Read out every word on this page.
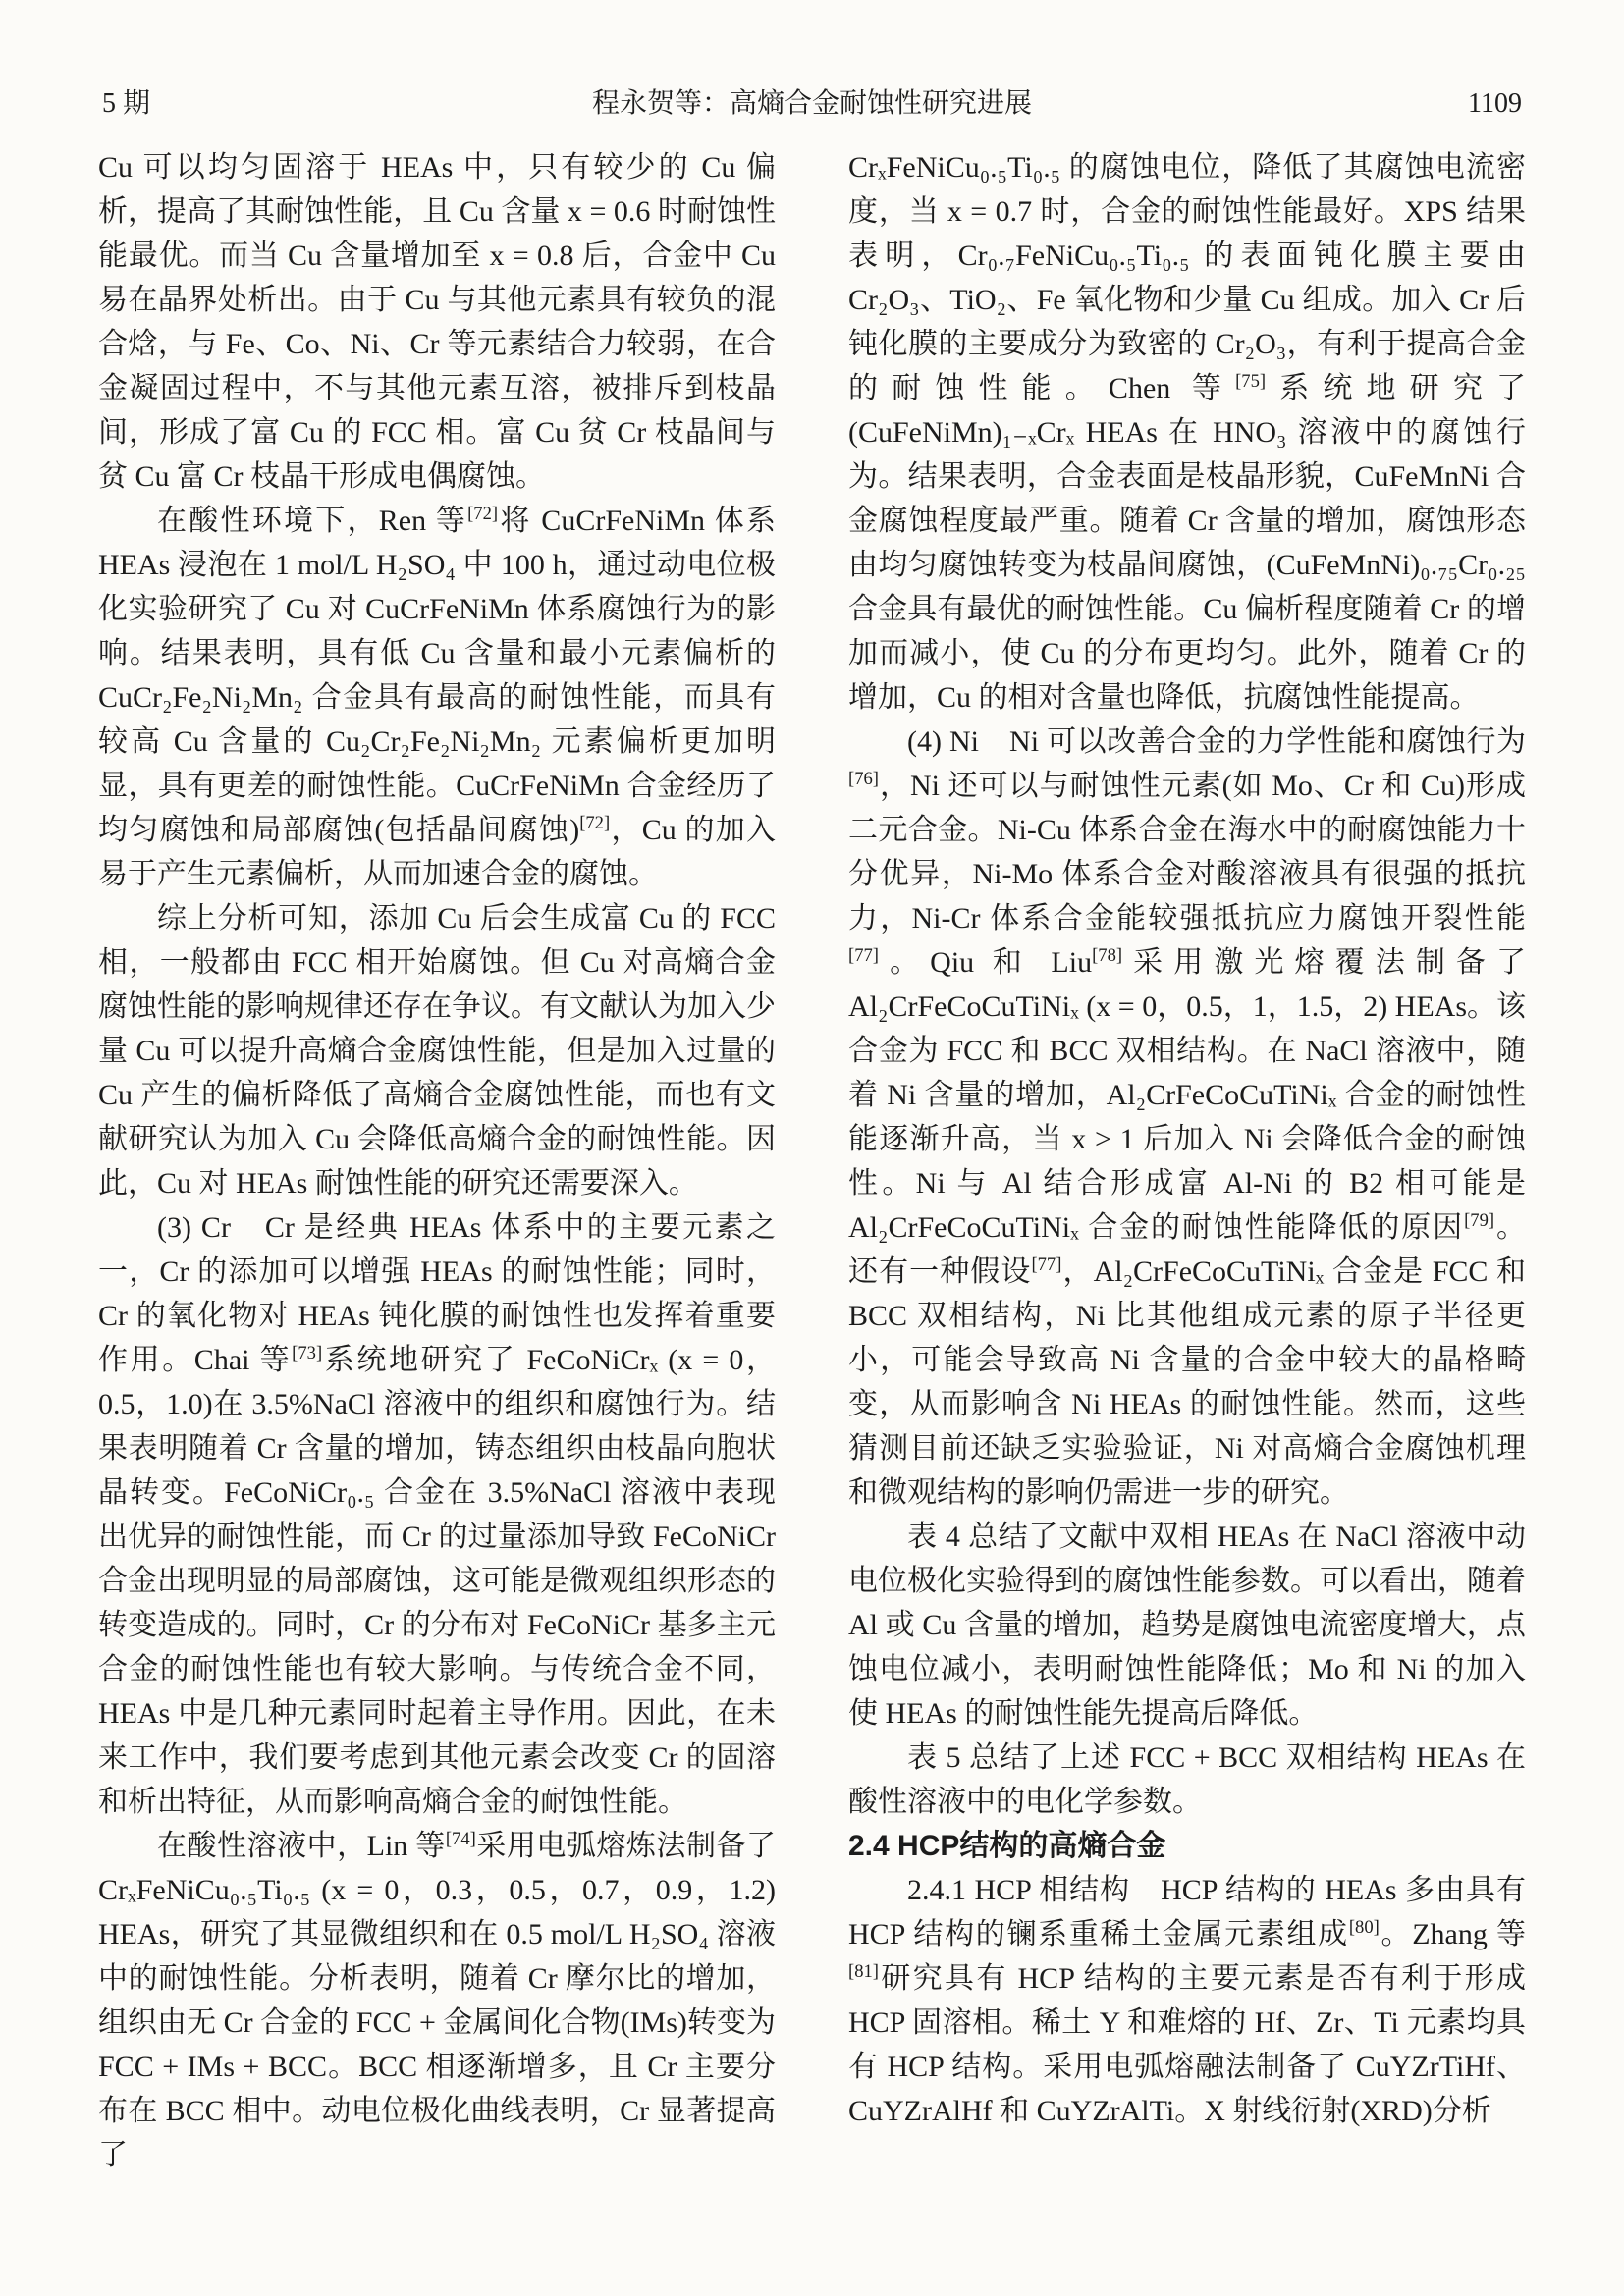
5 期	程永贺等：高熵合金耐蚀性研究进展	1109

Cu 可以均匀固溶于 HEAs 中，只有较少的 Cu 偏析，提高了其耐蚀性能，且 Cu 含量 x = 0.6 时耐蚀性能最优。而当 Cu 含量增加至 x = 0.8 后，合金中 Cu 易在晶界处析出。由于 Cu 与其他元素具有较负的混合焓，与 Fe、Co、Ni、Cr 等元素结合力较弱，在合金凝固过程中，不与其他元素互溶，被排斥到枝晶间，形成了富 Cu 的 FCC 相。富 Cu 贫 Cr 枝晶间与贫 Cu 富 Cr 枝晶干形成电偶腐蚀。

在酸性环境下，Ren 等[72]将 CuCrFeNiMn 体系 HEAs 浸泡在 1 mol/L H₂SO₄ 中 100 h，通过动电位极化实验研究了 Cu 对 CuCrFeNiMn 体系腐蚀行为的影响。结果表明，具有低 Cu 含量和最小元素偏析的 CuCr₂Fe₂Ni₂Mn₂ 合金具有最高的耐蚀性能，而具有较高 Cu 含量的 Cu₂Cr₂Fe₂Ni₂Mn₂ 元素偏析更加明显，具有更差的耐蚀性能。CuCrFeNiMn 合金经历了均匀腐蚀和局部腐蚀(包括晶间腐蚀)[72]，Cu 的加入易于产生元素偏析，从而加速合金的腐蚀。

综上分析可知，添加 Cu 后会生成富 Cu 的 FCC 相，一般都由 FCC 相开始腐蚀。但 Cu 对高熵合金腐蚀性能的影响规律还存在争议。有文献认为加入少量 Cu 可以提升高熵合金腐蚀性能，但是加入过量的 Cu 产生的偏析降低了高熵合金腐蚀性能，而也有文献研究认为加入 Cu 会降低高熵合金的耐蚀性能。因此，Cu 对 HEAs 耐蚀性能的研究还需要深入。

(3) Cr　Cr 是经典 HEAs 体系中的主要元素之一，Cr 的添加可以增强 HEAs 的耐蚀性能；同时，Cr 的氧化物对 HEAs 钝化膜的耐蚀性也发挥着重要作用。Chai 等[73]系统地研究了 FeCoNiCrₓ (x = 0，0.5，1.0)在 3.5%NaCl 溶液中的组织和腐蚀行为。结果表明随着 Cr 含量的增加，铸态组织由枝晶向胞状晶转变。FeCoNiCr₀.₅ 合金在 3.5%NaCl 溶液中表现出优异的耐蚀性能，而 Cr 的过量添加导致 FeCoNiCr 合金出现明显的局部腐蚀，这可能是微观组织形态的转变造成的。同时，Cr 的分布对 FeCoNiCr 基多主元合金的耐蚀性能也有较大影响。与传统合金不同，HEAs 中是几种元素同时起着主导作用。因此，在未来工作中，我们要考虑到其他元素会改变 Cr 的固溶和析出特征，从而影响高熵合金的耐蚀性能。

在酸性溶液中，Lin 等[74]采用电弧熔炼法制备了 CrₓFeNiCu₀.₅Ti₀.₅ (x = 0，0.3，0.5，0.7，0.9，1.2) HEAs，研究了其显微组织和在 0.5 mol/L H₂SO₄ 溶液中的耐蚀性能。分析表明，随着 Cr 摩尔比的增加，组织由无 Cr 合金的 FCC + 金属间化合物(IMs)转变为 FCC + IMs + BCC。BCC 相逐渐增多，且 Cr 主要分布在 BCC 相中。动电位极化曲线表明，Cr 显著提高了

CrₓFeNiCu₀.₅Ti₀.₅ 的腐蚀电位，降低了其腐蚀电流密度，当 x = 0.7 时，合金的耐蚀性能最好。XPS 结果表明，Cr₀.₇FeNiCu₀.₅Ti₀.₅ 的表面钝化膜主要由 Cr₂O₃、TiO₂、Fe 氧化物和少量 Cu 组成。加入 Cr 后钝化膜的主要成分为致密的 Cr₂O₃，有利于提高合金的耐蚀性能。Chen 等[75]系统地研究了(CuFeNiMn)₁₋ₓCrₓ HEAs 在 HNO₃ 溶液中的腐蚀行为。结果表明，合金表面是枝晶形貌，CuFeMnNi 合金腐蚀程度最严重。随着 Cr 含量的增加，腐蚀形态由均匀腐蚀转变为枝晶间腐蚀，(CuFeMnNi)₀.₇₅Cr₀.₂₅ 合金具有最优的耐蚀性能。Cu 偏析程度随着 Cr 的增加而减小，使 Cu 的分布更均匀。此外，随着 Cr 的增加，Cu 的相对含量也降低，抗腐蚀性能提高。

(4) Ni　Ni 可以改善合金的力学性能和腐蚀行为[76]，Ni 还可以与耐蚀性元素(如 Mo、Cr 和 Cu)形成二元合金。Ni-Cu 体系合金在海水中的耐腐蚀能力十分优异，Ni-Mo 体系合金对酸溶液具有很强的抵抗力，Ni-Cr 体系合金能较强抵抗应力腐蚀开裂性能[77]。Qiu 和 Liu[78]采用激光熔覆法制备了 Al₂CrFeCoCuTiNiₓ (x = 0，0.5，1，1.5，2) HEAs。该合金为 FCC 和 BCC 双相结构。在 NaCl 溶液中，随着 Ni 含量的增加，Al₂CrFeCoCuTiNiₓ 合金的耐蚀性能逐渐升高，当 x > 1 后加入 Ni 会降低合金的耐蚀性。Ni 与 Al 结合形成富 Al-Ni 的 B2 相可能是 Al₂CrFeCoCuTiNiₓ 合金的耐蚀性能降低的原因[79]。还有一种假设[77]，Al₂CrFeCoCuTiNiₓ 合金是 FCC 和 BCC 双相结构，Ni 比其他组成元素的原子半径更小，可能会导致高 Ni 含量的合金中较大的晶格畸变，从而影响含 Ni HEAs 的耐蚀性能。然而，这些猜测目前还缺乏实验验证，Ni 对高熵合金腐蚀机理和微观结构的影响仍需进一步的研究。

表 4 总结了文献中双相 HEAs 在 NaCl 溶液中动电位极化实验得到的腐蚀性能参数。可以看出，随着 Al 或 Cu 含量的增加，趋势是腐蚀电流密度增大，点蚀电位减小，表明耐蚀性能降低；Mo 和 Ni 的加入使 HEAs 的耐蚀性能先提高后降低。

表 5 总结了上述 FCC + BCC 双相结构 HEAs 在酸性溶液中的电化学参数。

2.4 HCP结构的高熵合金

2.4.1 HCP 相结构　HCP 结构的 HEAs 多由具有 HCP 结构的镧系重稀土金属元素组成[80]。Zhang 等[81]研究具有 HCP 结构的主要元素是否有利于形成 HCP 固溶相。稀土 Y 和难熔的 Hf、Zr、Ti 元素均具有 HCP 结构。采用电弧熔融法制备了 CuYZrTiHf、CuYZrAlHf 和 CuYZrAlTi。X 射线衍射(XRD)分析
